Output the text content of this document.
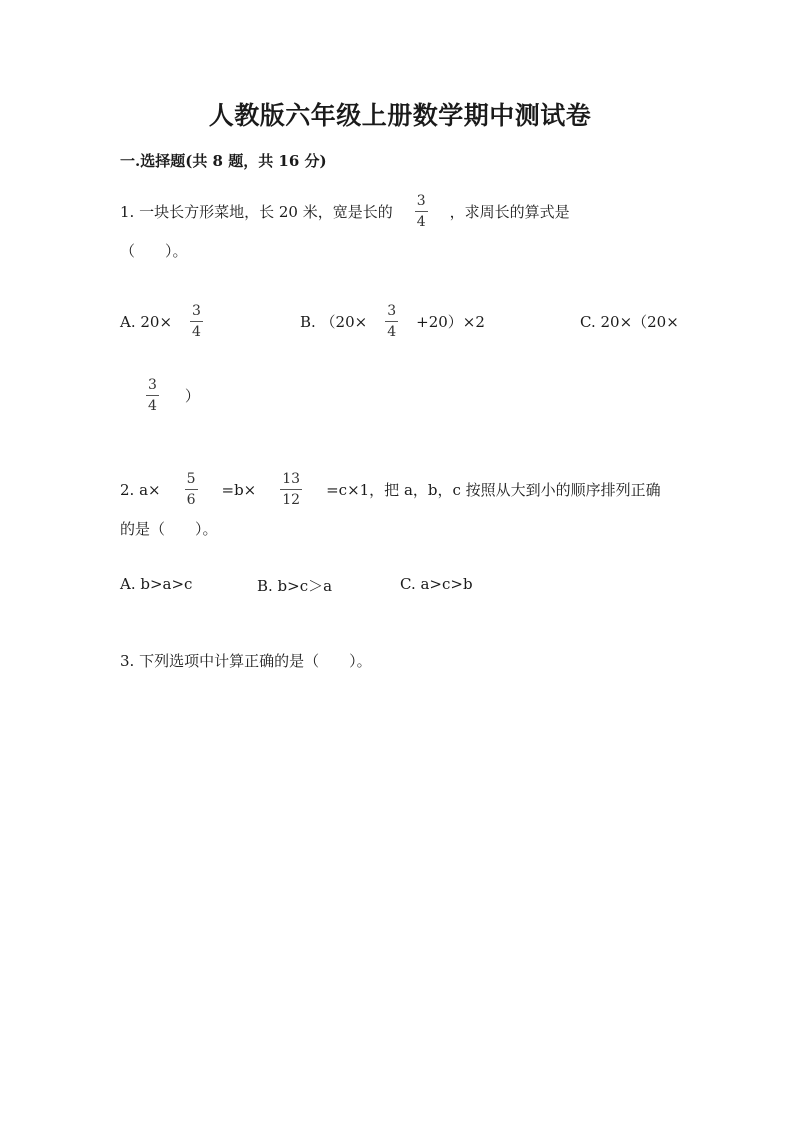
人教版六年级上册数学期中测试卷
一.选择题(共 8 题，共 16 分)
1. 一块长方形菜地，长 20 米，宽是长的 $\frac{3}{4}$ ，求周长的算式是
（　　）。
A. $20\times \frac{3}{4}$	B. $(20\times \frac{3}{4} +20)\times 2$	C. 20×（20×
$\frac{3}{4}$ ）
2. $a\times \frac{5}{6} =b\times \frac{13}{12} =c\times 1$，把 a，b，c 按照从大到小的顺序排列正确
的是（　　）。
A. b>a>c	B. b>c＞a	C. a>c>b
3. 下列选项中计算正确的是（　　）。
